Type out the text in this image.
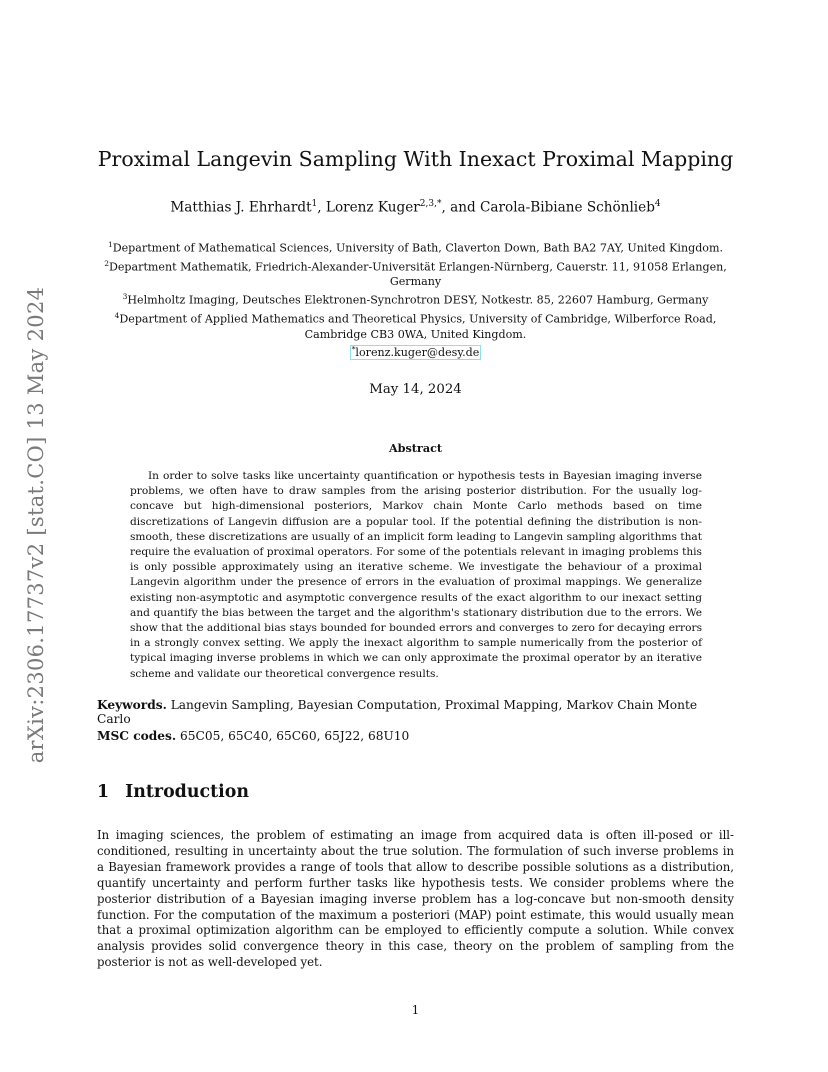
arXiv:2306.17737v2 [stat.CO] 13 May 2024
Proximal Langevin Sampling With Inexact Proximal Mapping
Matthias J. Ehrhardt$^1$, Lorenz Kuger$^{2,3,*}$, and Carola-Bibiane Schönlieb$^4$
$^1$Department of Mathematical Sciences, University of Bath, Claverton Down, Bath BA2 7AY, United Kingdom.
$^2$Department Mathematik, Friedrich-Alexander-Universität Erlangen-Nürnberg, Cauerstr. 11, 91058 Erlangen, Germany
$^3$Helmholtz Imaging, Deutsches Elektronen-Synchrotron DESY, Notkestr. 85, 22607 Hamburg, Germany
$^4$Department of Applied Mathematics and Theoretical Physics, University of Cambridge, Wilberforce Road, Cambridge CB3 0WA, United Kingdom.
*lorenz.kuger@desy.de
May 14, 2024
Abstract
In order to solve tasks like uncertainty quantification or hypothesis tests in Bayesian imaging inverse problems, we often have to draw samples from the arising posterior distribution. For the usually log-concave but high-dimensional posteriors, Markov chain Monte Carlo methods based on time discretizations of Langevin diffusion are a popular tool. If the potential defining the distribution is non-smooth, these discretizations are usually of an implicit form leading to Langevin sampling algorithms that require the evaluation of proximal operators. For some of the potentials relevant in imaging problems this is only possible approximately using an iterative scheme. We investigate the behaviour of a proximal Langevin algorithm under the presence of errors in the evaluation of proximal mappings. We generalize existing non-asymptotic and asymptotic convergence results of the exact algorithm to our inexact setting and quantify the bias between the target and the algorithm's stationary distribution due to the errors. We show that the additional bias stays bounded for bounded errors and converges to zero for decaying errors in a strongly convex setting. We apply the inexact algorithm to sample numerically from the posterior of typical imaging inverse problems in which we can only approximate the proximal operator by an iterative scheme and validate our theoretical convergence results.
Keywords. Langevin Sampling, Bayesian Computation, Proximal Mapping, Markov Chain Monte Carlo
MSC codes. 65C05, 65C40, 65C60, 65J22, 68U10
1 Introduction
In imaging sciences, the problem of estimating an image from acquired data is often ill-posed or ill-conditioned, resulting in uncertainty about the true solution. The formulation of such inverse problems in a Bayesian framework provides a range of tools that allow to describe possible solutions as a distribution, quantify uncertainty and perform further tasks like hypothesis tests. We consider problems where the posterior distribution of a Bayesian imaging inverse problem has a log-concave but non-smooth density function. For the computation of the maximum a posteriori (MAP) point estimate, this would usually mean that a proximal optimization algorithm can be employed to efficiently compute a solution. While convex analysis provides solid convergence theory in this case, theory on the problem of sampling from the posterior is not as well-developed yet.
1
